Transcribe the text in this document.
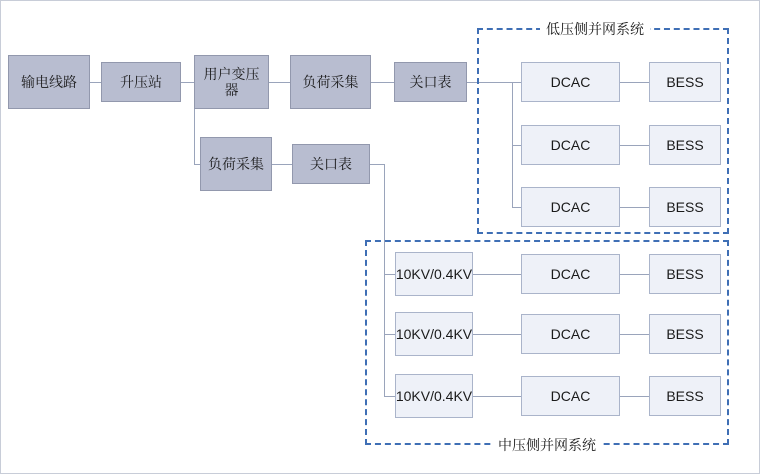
低压侧并网系统
中压侧并网系统
输电线路	升压站
用户变压器
负荷采集	关口表
负荷采集	关口表
DCAC	BESS
DCAC	BESS
DCAC	BESS
10KV/0.4KV	DCAC	BESS
10KV/0.4KV	DCAC	BESS
10KV/0.4KV	DCAC	BESS
